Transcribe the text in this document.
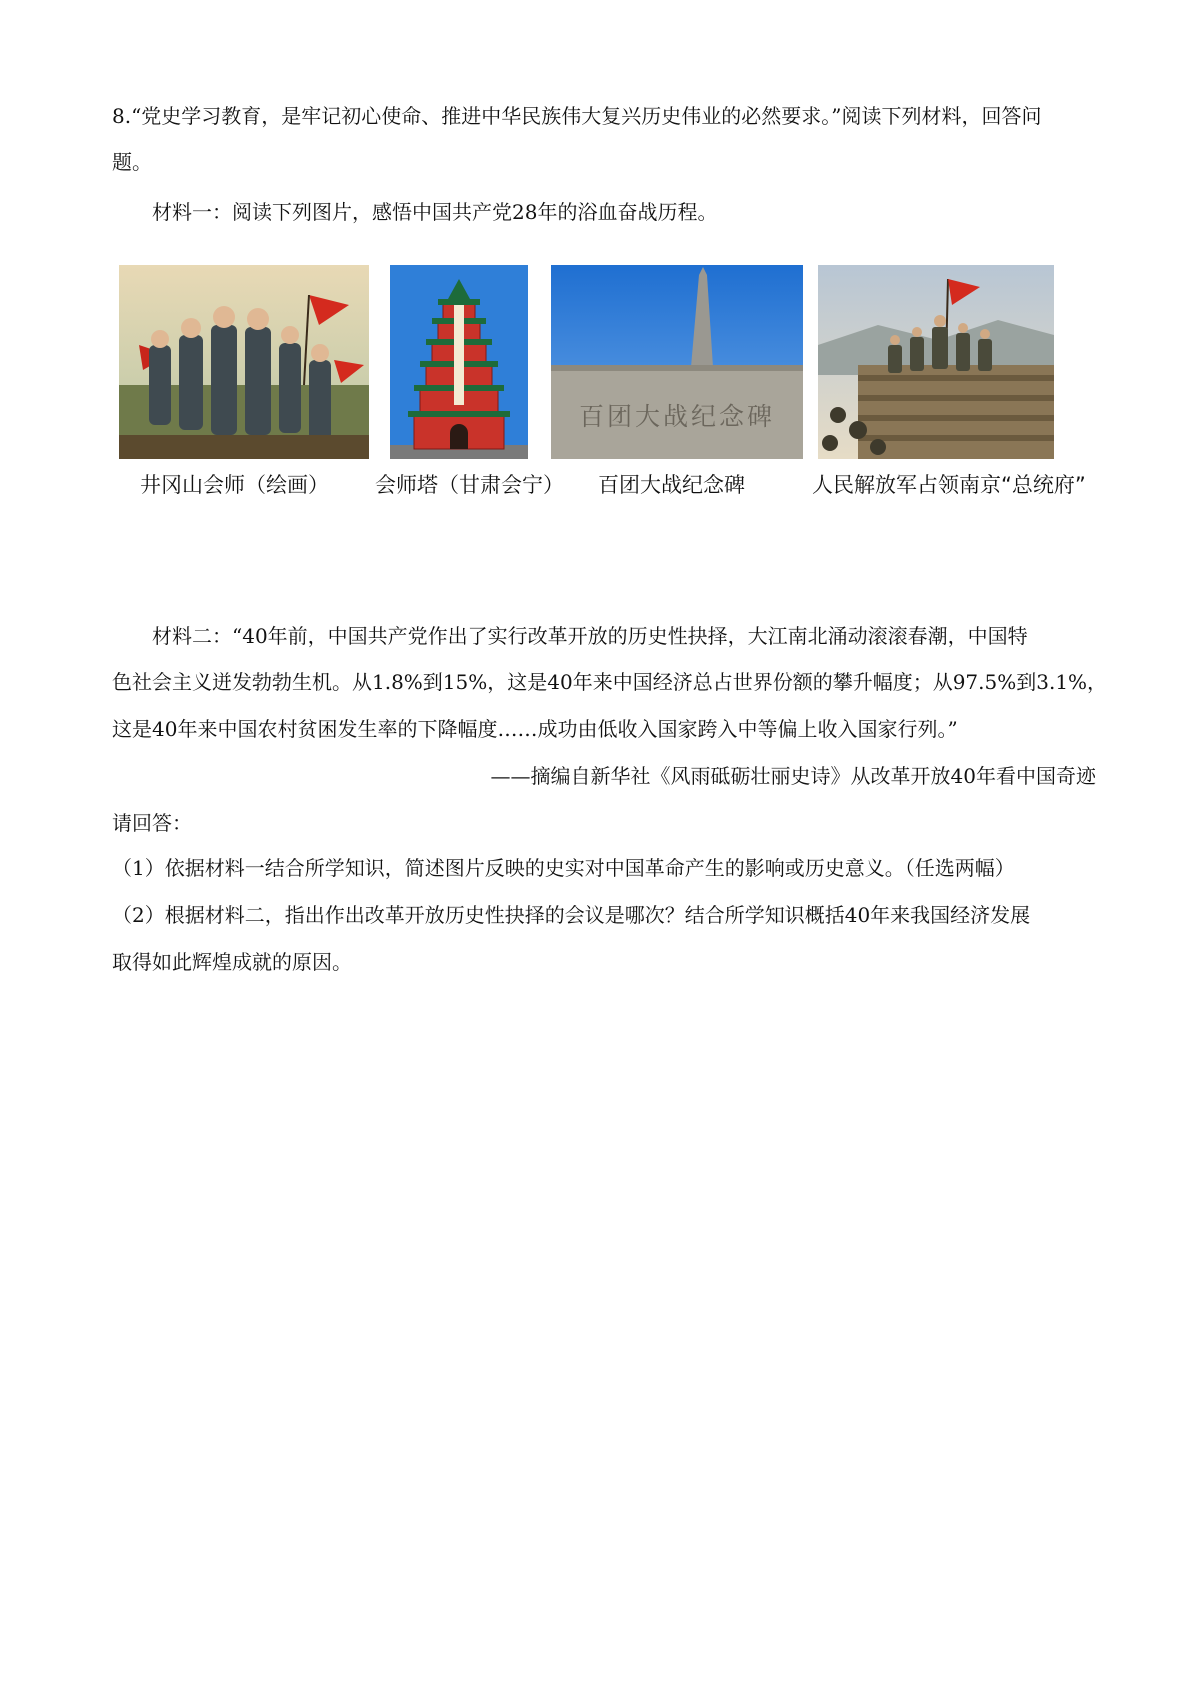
8.“党史学习教育，是牢记初心使命、推进中华民族伟大复兴历史伟业的必然要求。”阅读下列材料，回答问
题。
材料一：阅读下列图片，感悟中国共产党28年的浴血奋战历程。
百团大战纪念碑
井冈山会师（绘画） 会师塔（甘肃会宁） 百团大战纪念碑	人民解放军占领南京“总统府”
材料二：“40年前，中国共产党作出了实行改革开放的历史性抉择，大江南北涌动滚滚春潮，中国特
色社会主义迸发勃勃生机。从1.8%到15%，这是40年来中国经济总占世界份额的攀升幅度；从97.5%到3.1%，
这是40年来中国农村贫困发生率的下降幅度……成功由低收入国家跨入中等偏上收入国家行列。”
——摘编自新华社《风雨砥砺壮丽史诗》从改革开放40年看中国奇迹
请回答：
（1）依据材料一结合所学知识，简述图片反映的史实对中国革命产生的影响或历史意义。（任选两幅）
（2）根据材料二，指出作出改革开放历史性抉择的会议是哪次？结合所学知识概括40年来我国经济发展
取得如此辉煌成就的原因。
